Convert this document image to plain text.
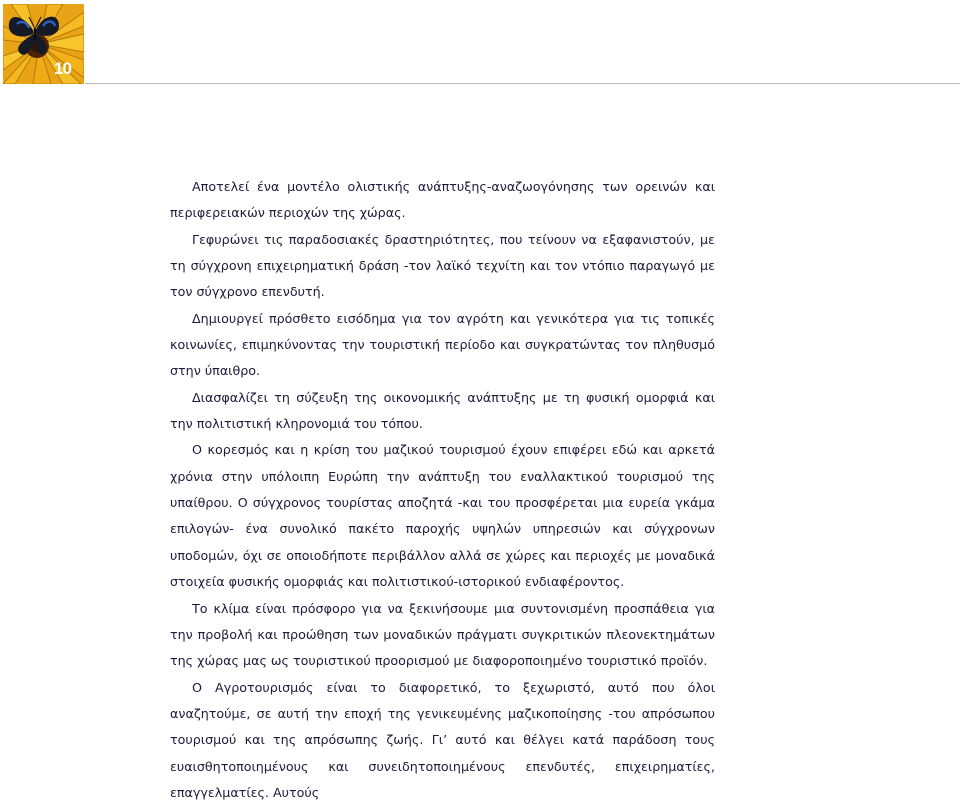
10

Αποτελεί ένα μοντέλο ολιστικής ανάπτυξης-αναζωογόνησης των ορεινών και περιφερειακών περιοχών της χώρας.

Γεφυρώνει τις παραδοσιακές δραστηριότητες, που τείνουν να εξαφανιστούν, με τη σύγχρονη επιχειρηματική δράση -τον λαϊκό τεχνίτη και τον ντόπιο παραγωγό με τον σύγχρονο επενδυτή.

Δημιουργεί πρόσθετο εισόδημα για τον αγρότη και γενικότερα για τις τοπικές κοινωνίες, επιμηκύνοντας την τουριστική περίοδο και συγκρατώντας τον πληθυσμό στην ύπαιθρο.

Διασφαλίζει τη σύζευξη της οικονομικής ανάπτυξης με τη φυσική ομορφιά και την πολιτιστική κληρονομιά του τόπου.

Ο κορεσμός και η κρίση του μαζικού τουρισμού έχουν επιφέρει εδώ και αρκετά χρόνια στην υπόλοιπη Ευρώπη την ανάπτυξη του εναλλακτικού τουρισμού της υπαίθρου. Ο σύγχρονος τουρίστας αποζητά -και του προσφέρεται μια ευρεία γκάμα επιλογών- ένα συνολικό πακέτο παροχής υψηλών υπηρεσιών και σύγχρονων υποδομών, όχι σε οποιοδήποτε περιβάλλον αλλά σε χώρες και περιοχές με μοναδικά στοιχεία φυσικής ομορφιάς και πολιτιστικού-ιστορικού ενδιαφέροντος.

Το κλίμα είναι πρόσφορο για να ξεκινήσουμε μια συντονισμένη προσπάθεια για την προβολή και προώθηση των μοναδικών πράγματι συγκριτικών πλεονεκτημάτων της χώρας μας ως τουριστικού προορισμού με διαφοροποιημένο τουριστικό προϊόν.

Ο Αγροτουρισμός είναι το διαφορετικό, το ξεχωριστό, αυτό που όλοι αναζητούμε, σε αυτή την εποχή της γενικευμένης μαζικοποίησης -του απρόσωπου τουρισμού και της απρόσωπης ζωής. Γι’ αυτό και θέλγει κατά παράδοση τους ευαισθητοποιημένους και συνειδητοποιημένους επενδυτές, επιχειρηματίες, επαγγελματίες. Αυτούς
